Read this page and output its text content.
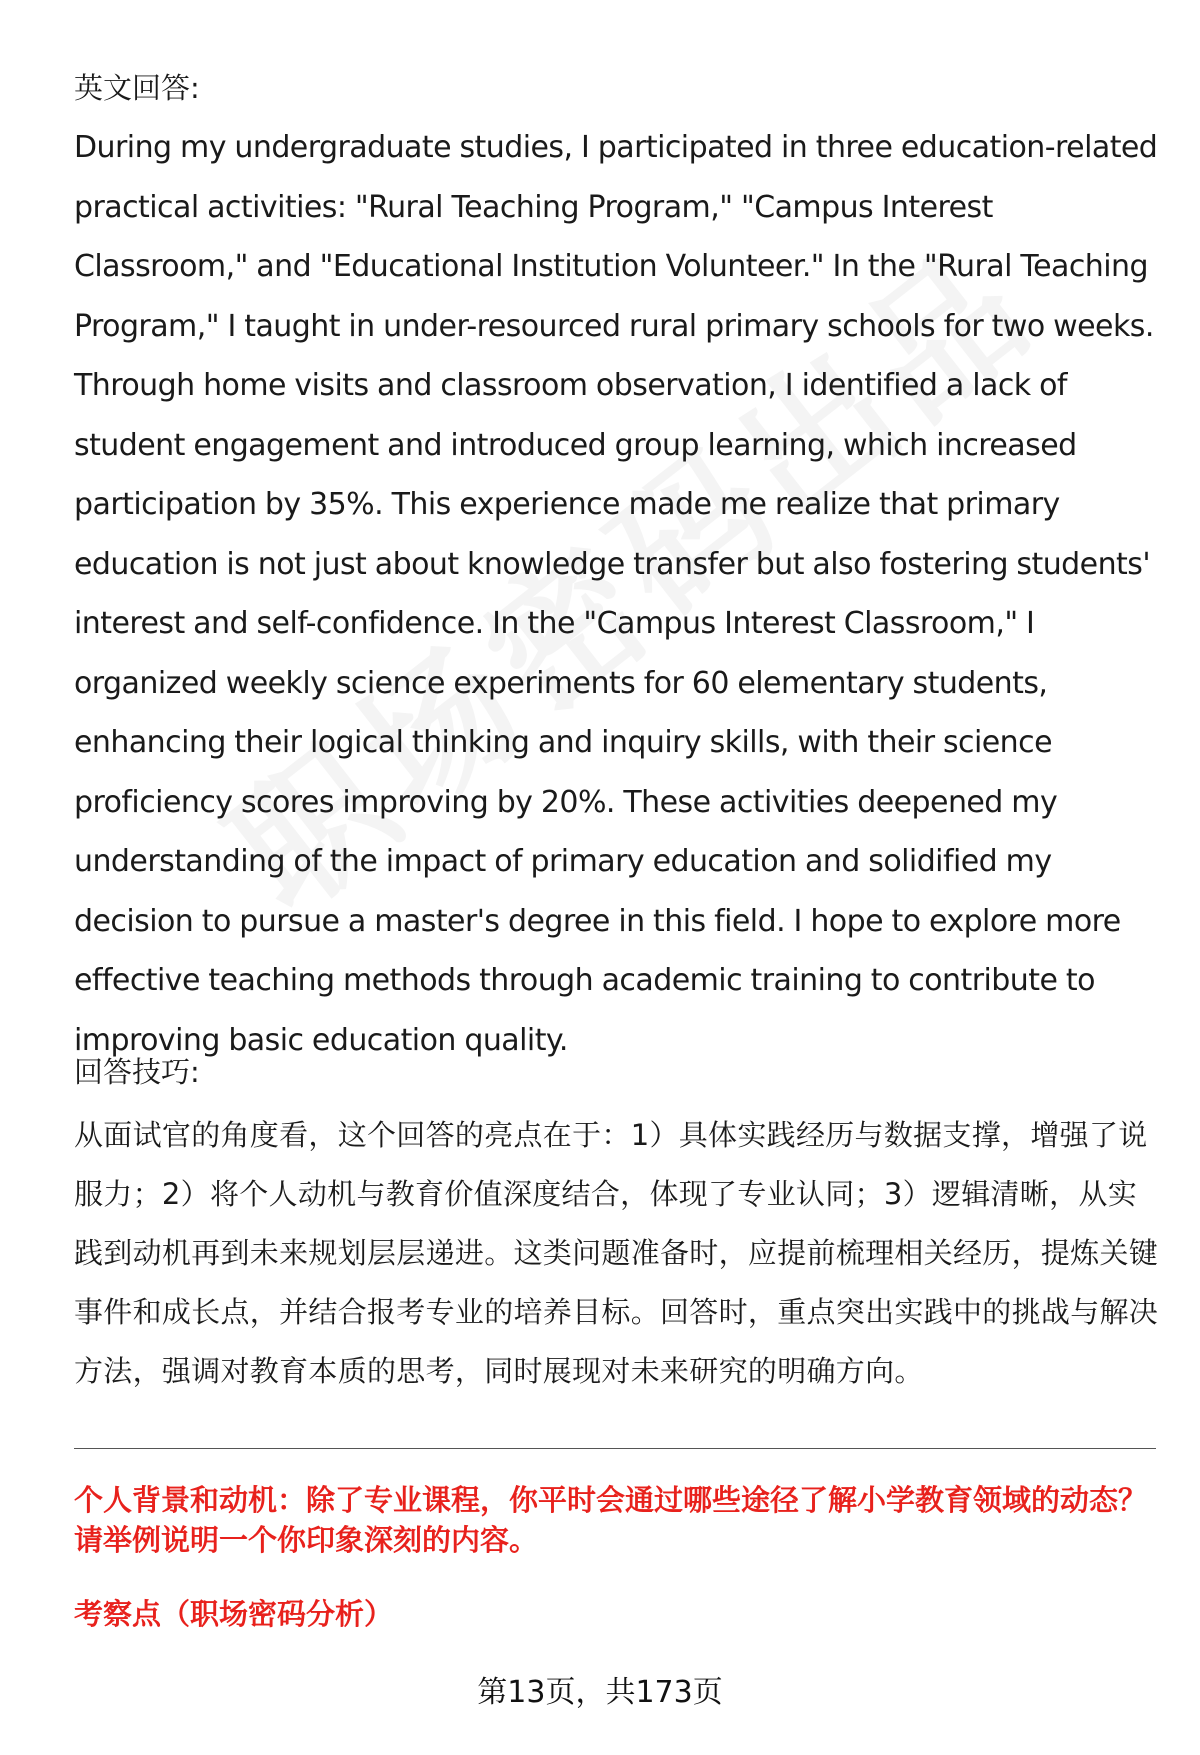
英文回答:

During my undergraduate studies, I participated in three education-related practical activities: "Rural Teaching Program," "Campus Interest Classroom," and "Educational Institution Volunteer." In the "Rural Teaching Program," I taught in under-resourced rural primary schools for two weeks. Through home visits and classroom observation, I identified a lack of student engagement and introduced group learning, which increased participation by 35%. This experience made me realize that primary education is not just about knowledge transfer but also fostering students' interest and self-confidence. In the "Campus Interest Classroom," I organized weekly science experiments for 60 elementary students, enhancing their logical thinking and inquiry skills, with their science proficiency scores improving by 20%. These activities deepened my understanding of the impact of primary education and solidified my decision to pursue a master's degree in this field. I hope to explore more effective teaching methods through academic training to contribute to improving basic education quality.

回答技巧:

从面试官的角度看，这个回答的亮点在于：1）具体实践经历与数据支撑，增强了说服力；2）将个人动机与教育价值深度结合，体现了专业认同；3）逻辑清晰，从实践到动机再到未来规划层层递进。这类问题准备时，应提前梳理相关经历，提炼关键事件和成长点，并结合报考专业的培养目标。回答时，重点突出实践中的挑战与解决方法，强调对教育本质的思考，同时展现对未来研究的明确方向。

个人背景和动机：除了专业课程，你平时会通过哪些途径了解小学教育领域的动态？请举例说明一个你印象深刻的内容。

考察点（职场密码分析）
第13页，共173页
